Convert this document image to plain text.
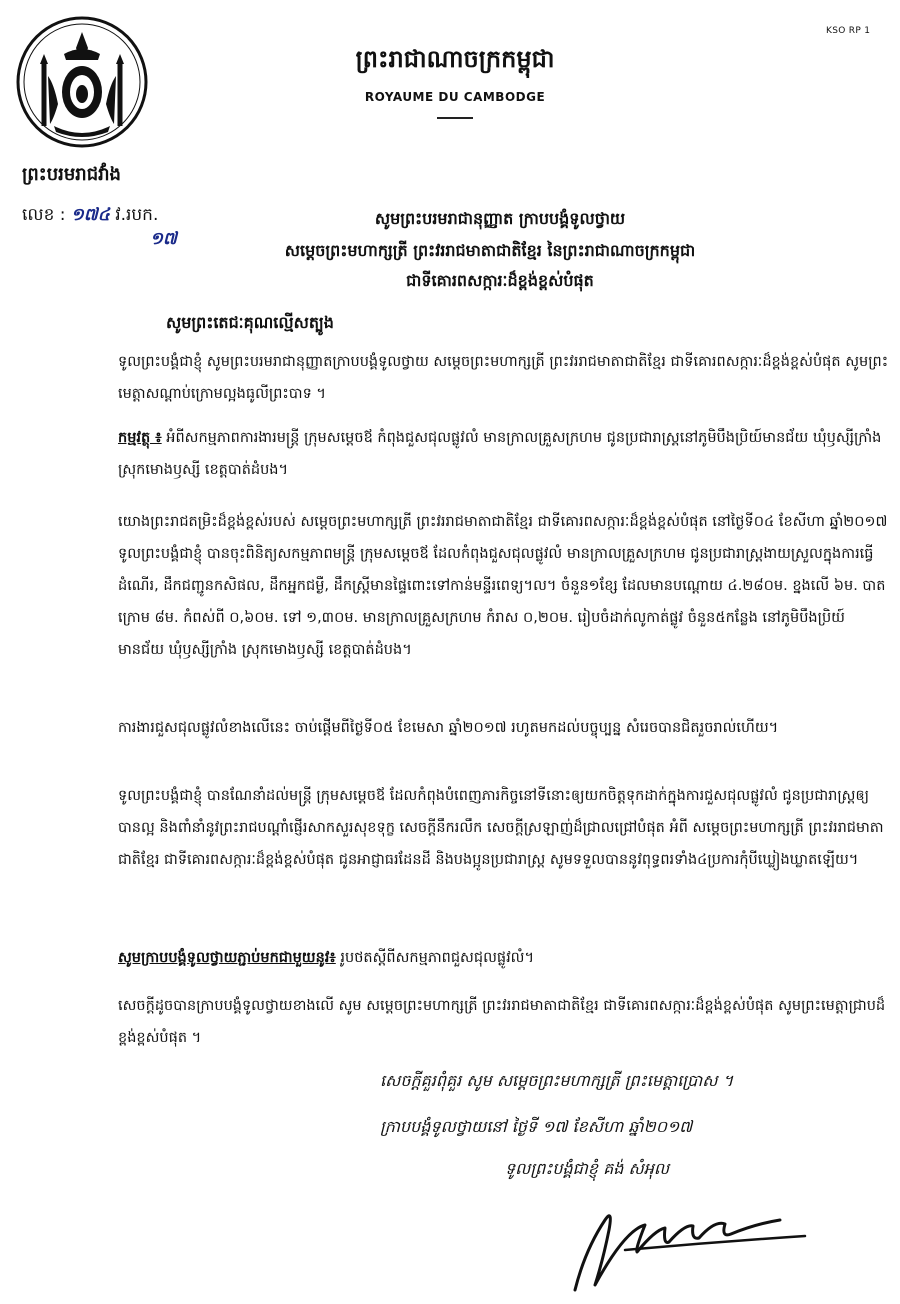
KSO RP 1
ព្រះរាជាណាចក្រកម្ពុជា
ROYAUME DU CAMBODGE
ព្រះបរមរាជវាំង
លេខ : ១៧៤ វ.របក.
១៧
សូមព្រះបរមរាជានុញ្ញាត ក្រាបបង្គំទូលថ្វាយ
សម្តេចព្រះមហាក្សត្រី ព្រះវររាជមាតាជាតិខ្មែរ នៃព្រះរាជាណាចក្រកម្ពុជា
ជាទីគោរពសក្ការៈដ៏ខ្ពង់ខ្ពស់បំផុត
សូមព្រះតេជៈគុណល្មើសត្បូង
ទូលព្រះបង្គំជាខ្ញុំ សូមព្រះបរមរាជានុញ្ញាតក្រាបបង្គំទូលថ្វាយ សម្តេចព្រះមហាក្សត្រី ព្រះវររាជមាតាជាតិខ្មែរ ជាទីគោរពសក្ការៈដ៏ខ្ពង់ខ្ពស់បំផុត សូមព្រះមេត្តាសណ្តាប់ក្រោមល្អងធូលីព្រះបាទ ។
កម្មវត្ថុ ៖ អំពីសកម្មភាពការងារមន្ត្រី ក្រុមសម្តេចឪ កំពុងជួសជុលផ្លូវលំ មានក្រាលគ្រួសក្រហម ជូនប្រជារាស្ត្រនៅភូមិបឹងប្រិយ៍មានជ័យ ឃុំឫស្សីក្រាំង ស្រុកមោងឫស្សី ខេត្តបាត់ដំបង។
យោងព្រះរាជតម្រិះដ៏ខ្ពង់ខ្ពស់របស់ សម្តេចព្រះមហាក្សត្រី ព្រះវររាជមាតាជាតិខ្មែរ ជាទីគោរពសក្ការៈដ៏ខ្ពង់ខ្ពស់បំផុត នៅថ្ងៃទី០៤ ខែសីហា ឆ្នាំ២០១៧ ទូលព្រះបង្គំជាខ្ញុំ បានចុះពិនិត្យសកម្មភាពមន្ត្រី ក្រុមសម្តេចឪ ដែលកំពុងជួសជុលផ្លូវលំ មានក្រាលគ្រួសក្រហម ជូនប្រជារាស្ត្រងាយស្រួលក្នុងការធ្វើដំណើរ, ដឹកជញ្ជូនកសិផល, ដឹកអ្នកជម្ងឺ, ដឹកស្ត្រីមានផ្ទៃពោះទៅកាន់មន្ទីរពេទ្យ។ល។ ចំនួន១ខ្សែ ដែលមានបណ្តោយ ៤.២៨០ម. ខ្នងលើ ៦ម. បាតក្រោម ៨ម. កំពស់ពី ០,៦០ម. ទៅ ១,៣០ម. មានក្រាលគ្រួសក្រហម កំរាស ០,២០ម. រៀបចំដាក់លូកាត់ផ្លូវ ចំនួន៥កន្លែង នៅភូមិបឹងប្រិយ៍មានជ័យ ឃុំឫស្សីក្រាំង ស្រុកមោងឫស្សី ខេត្តបាត់ដំបង។
ការងារជួសជុលផ្លូវលំខាងលើនេះ ចាប់ផ្តើមពីថ្ងៃទី០៥ ខែមេសា ឆ្នាំ២០១៧ រហូតមកដល់បច្ចុប្បន្ន សំរេចបានជិតរួចរាល់ហើយ។
ទូលព្រះបង្គំជាខ្ញុំ បានណែនាំដល់មន្ត្រី ក្រុមសម្តេចឪ ដែលកំពុងបំពេញភារកិច្ចនៅទីនោះឲ្យយកចិត្តទុកដាក់ក្នុងការជួសជុលផ្លូវលំ ជូនប្រជារាស្ត្រឲ្យបានល្អ និងពាំនាំនូវព្រះរាជបណ្តាំផ្ញើរសាកសួរសុខទុក្ខ សេចក្តីនឹករលឹក សេចក្តីស្រឡាញ់ដ៏ជ្រាលជ្រៅបំផុត អំពី សម្តេចព្រះមហាក្សត្រី ព្រះវររាជមាតាជាតិខ្មែរ ជាទីគោរពសក្ការៈដ៏ខ្ពង់ខ្ពស់បំផុត ជូនអាជ្ញាធរដែនដី និងបងប្អូនប្រជារាស្ត្រ សូមទទួលបាននូវពុទ្ធពរទាំង៤ប្រការកុំបីឃ្លៀងឃ្លាតឡើយ។
សូមក្រាបបង្គំទូលថ្វាយភ្ជាប់មកជាមួយនូវ៖ រូបថតស្តីពីសកម្មភាពជួសជុលផ្លូវលំ។
សេចក្តីដូចបានក្រាបបង្គំទូលថ្វាយខាងលើ សូម សម្តេចព្រះមហាក្សត្រី ព្រះវររាជមាតាជាតិខ្មែរ ជាទីគោរពសក្ការៈដ៏ខ្ពង់ខ្ពស់បំផុត សូមព្រះមេត្តាជ្រាបដ៏ខ្ពង់ខ្ពស់បំផុត ។
សេចក្តីគួរពុំគួរ សូម សម្តេចព្រះមហាក្សត្រី ព្រះមេត្តាប្រោស ។
ក្រាបបង្គំទូលថ្វាយនៅ ថ្ងៃទី ១៧ ខែសីហា ឆ្នាំ២០១៧
ទូលព្រះបង្គំជាខ្ញុំ គង់ សំអុល
